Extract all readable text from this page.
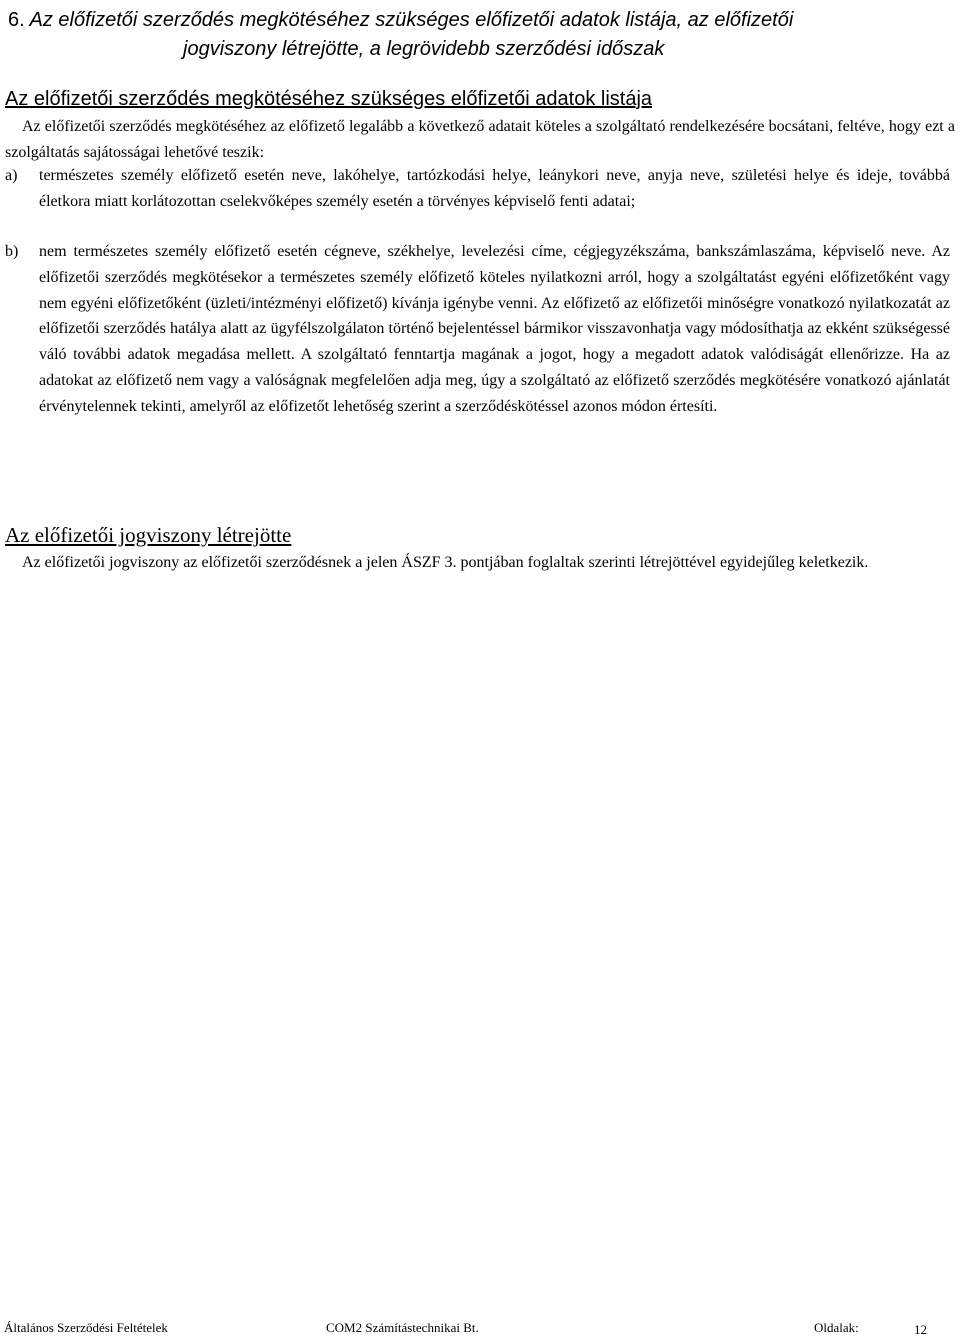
6. Az előfizetői szerződés megkötéséhez szükséges előfizetői adatok listája, az előfizetői
jogviszony létrejötte, a legrövidebb szerződési időszak
Az előfizetői szerződés megkötéséhez szükséges előfizetői adatok listája

Az előfizetői szerződés megkötéséhez az előfizető legalább a következő adatait köteles a szolgáltató rendelkezésére bocsátani, feltéve, hogy ezt a szolgáltatás sajátosságai lehetővé teszik:

a) természetes személy előfizető esetén neve, lakóhelye, tartózkodási helye, leánykori neve, anyja neve, születési helye és ideje, továbbá életkora miatt korlátozottan cselekvőképes személy esetén a törvényes képviselő fenti adatai;
b) nem természetes személy előfizető esetén cégneve, székhelye, levelezési címe, cégjegyzékszáma, bankszámlaszáma, képviselő neve. Az előfizetői szerződés megkötésekor a természetes személy előfizető köteles nyilatkozni arról, hogy a szolgáltatást egyéni előfizetőként vagy nem egyéni előfizetőként (üzleti/intézményi előfizető) kívánja igénybe venni. Az előfizető az előfizetői minőségre vonatkozó nyilatkozatát az előfizetői szerződés hatálya alatt az ügyfélszolgálaton történő bejelentéssel bármikor visszavonhatja vagy módosíthatja az ekként szükségessé váló további adatok megadása mellett. A szolgáltató fenntartja magának a jogot, hogy a megadott adatok valódiságát ellenőrizze. Ha az adatokat az előfizető nem vagy a valóságnak megfelelően adja meg, úgy a szolgáltató az előfizető szerződés megkötésére vonatkozó ajánlatát érvénytelennek tekinti, amelyről az előfizetőt lehetőség szerint a szerződéskötéssel azonos módon értesíti.
Az előfizetői jogviszony létrejötte

Az előfizetői jogviszony az előfizetői szerződésnek a jelen ÁSZF 3. pontjában foglaltak szerinti létrejöttével egyidejűleg keletkezik.

Általános Szerződési Feltételek	COM2 Számítástechnikai Bt.	Oldalak:	12
